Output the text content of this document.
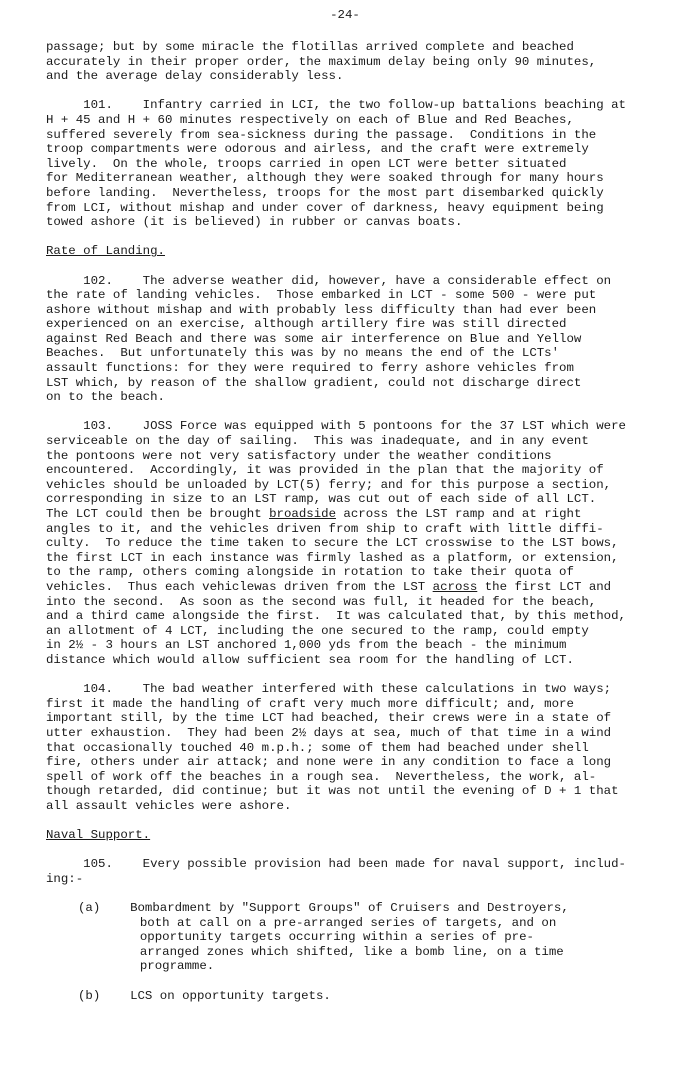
-24-
passage; but by some miracle the flotillas arrived complete and beached
accurately in their proper order, the maximum delay being only 90 minutes,
and the average delay considerably less.
101.    Infantry carried in LCI, the two follow-up battalions beaching at
H + 45 and H + 60 minutes respectively on each of Blue and Red Beaches,
suffered severely from sea-sickness during the passage.  Conditions in the
troop compartments were odorous and airless, and the craft were extremely
lively.  On the whole, troops carried in open LCT were better situated
for Mediterranean weather, although they were soaked through for many hours
before landing.  Nevertheless, troops for the most part disembarked quickly
from LCI, without mishap and under cover of darkness, heavy equipment being
towed ashore (it is believed) in rubber or canvas boats.
Rate of Landing.
102.    The adverse weather did, however, have a considerable effect on
the rate of landing vehicles.  Those embarked in LCT - some 500 - were put
ashore without mishap and with probably less difficulty than had ever been
experienced on an exercise, although artillery fire was still directed
against Red Beach and there was some air interference on Blue and Yellow
Beaches.  But unfortunately this was by no means the end of the LCTs'
assault functions: for they were required to ferry ashore vehicles from
LST which, by reason of the shallow gradient, could not discharge direct
on to the beach.
103.    JOSS Force was equipped with 5 pontoons for the 37 LST which were
serviceable on the day of sailing.  This was inadequate, and in any event
the pontoons were not very satisfactory under the weather conditions
encountered.  Accordingly, it was provided in the plan that the majority of
vehicles should be unloaded by LCT(5) ferry; and for this purpose a section,
corresponding in size to an LST ramp, was cut out of each side of all LCT.
The LCT could then be brought broadside across the LST ramp and at right
angles to it, and the vehicles driven from ship to craft with little diffi-
culty.  To reduce the time taken to secure the LCT crosswise to the LST bows,
the first LCT in each instance was firmly lashed as a platform, or extension,
to the ramp, others coming alongside in rotation to take their quota of
vehicles.  Thus each vehiclewas driven from the LST across the first LCT and
into the second.  As soon as the second was full, it headed for the beach,
and a third came alongside the first.  It was calculated that, by this method,
an allotment of 4 LCT, including the one secured to the ramp, could empty
in 2½ - 3 hours an LST anchored 1,000 yds from the beach - the minimum
distance which would allow sufficient sea room for the handling of LCT.
104.    The bad weather interfered with these calculations in two ways;
first it made the handling of craft very much more difficult; and, more
important still, by the time LCT had beached, their crews were in a state of
utter exhaustion.  They had been 2½ days at sea, much of that time in a wind
that occasionally touched 40 m.p.h.; some of them had beached under shell
fire, others under air attack; and none were in any condition to face a long
spell of work off the beaches in a rough sea.  Nevertheless, the work, al-
though retarded, did continue; but it was not until the evening of D + 1 that
all assault vehicles were ashore.
Naval Support.
105.    Every possible provision had been made for naval support, includ-
ing:-
(a) Bombardment by "Support Groups" of Cruisers and Destroyers,
both at call on a pre-arranged series of targets, and on
opportunity targets occurring within a series of pre-
arranged zones which shifted, like a bomb line, on a time
programme.
(b) LCS on opportunity targets.
